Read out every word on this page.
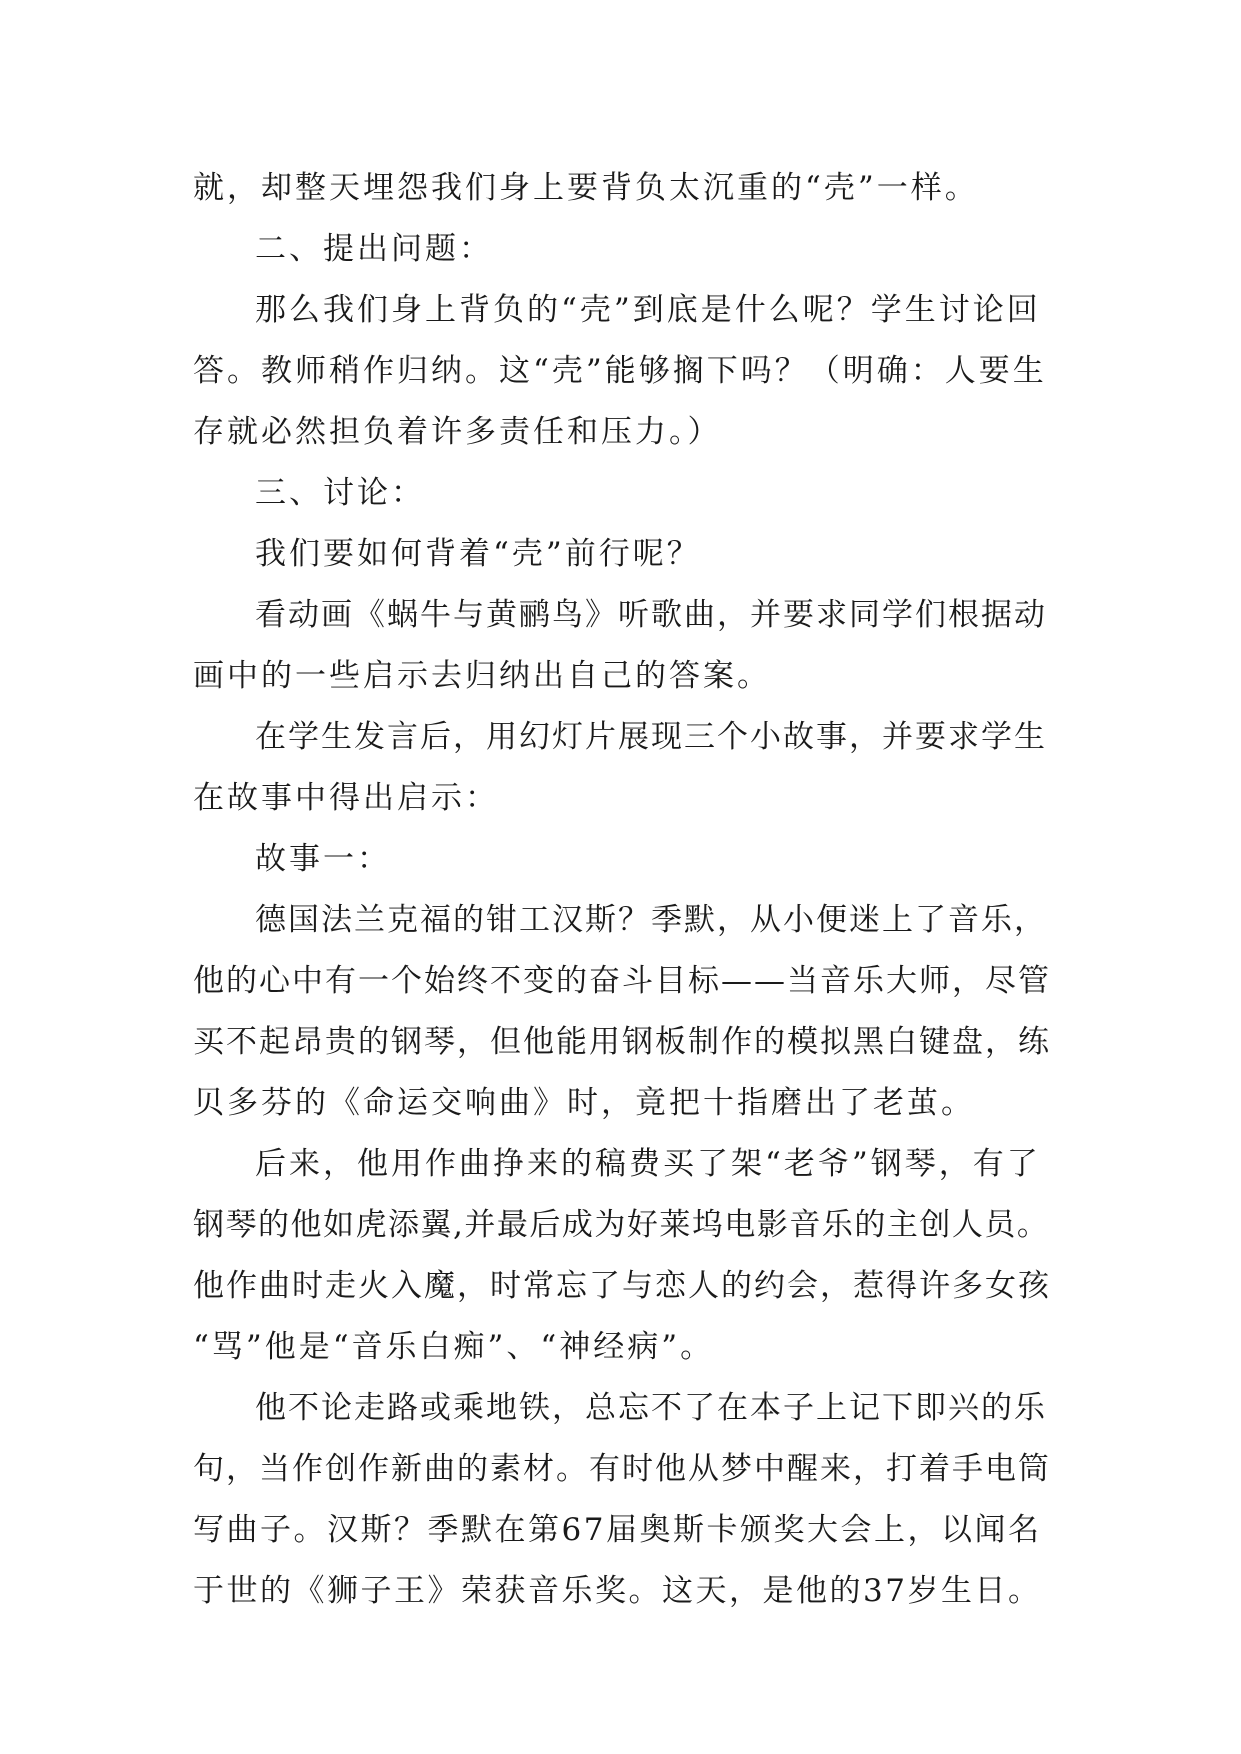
就，却整天埋怨我们身上要背负太沉重的“壳”一样。
二、提出问题：
那么我们身上背负的“壳”到底是什么呢？学生讨论回
答。教师稍作归纳。这“壳”能够搁下吗？（明确：人要生
存就必然担负着许多责任和压力。）
三、讨论：
我们要如何背着“壳”前行呢？
看动画《蜗牛与黄鹂鸟》听歌曲，并要求同学们根据动
画中的一些启示去归纳出自己的答案。
在学生发言后，用幻灯片展现三个小故事，并要求学生
在故事中得出启示：
故事一：
德国法兰克福的钳工汉斯？季默，从小便迷上了音乐，
他的心中有一个始终不变的奋斗目标——当音乐大师，尽管
买不起昂贵的钢琴，但他能用钢板制作的模拟黑白键盘，练
贝多芬的《命运交响曲》时，竟把十指磨出了老茧。
后来，他用作曲挣来的稿费买了架“老爷”钢琴，有了
钢琴的他如虎添翼,并最后成为好莱坞电影音乐的主创人员。
他作曲时走火入魔，时常忘了与恋人的约会，惹得许多女孩
“骂”他是“音乐白痴”、“神经病”。
他不论走路或乘地铁，总忘不了在本子上记下即兴的乐
句，当作创作新曲的素材。有时他从梦中醒来，打着手电筒
写曲子。汉斯？季默在第67届奥斯卡颁奖大会上，以闻名
于世的《狮子王》荣获音乐奖。这天，是他的37岁生日。
